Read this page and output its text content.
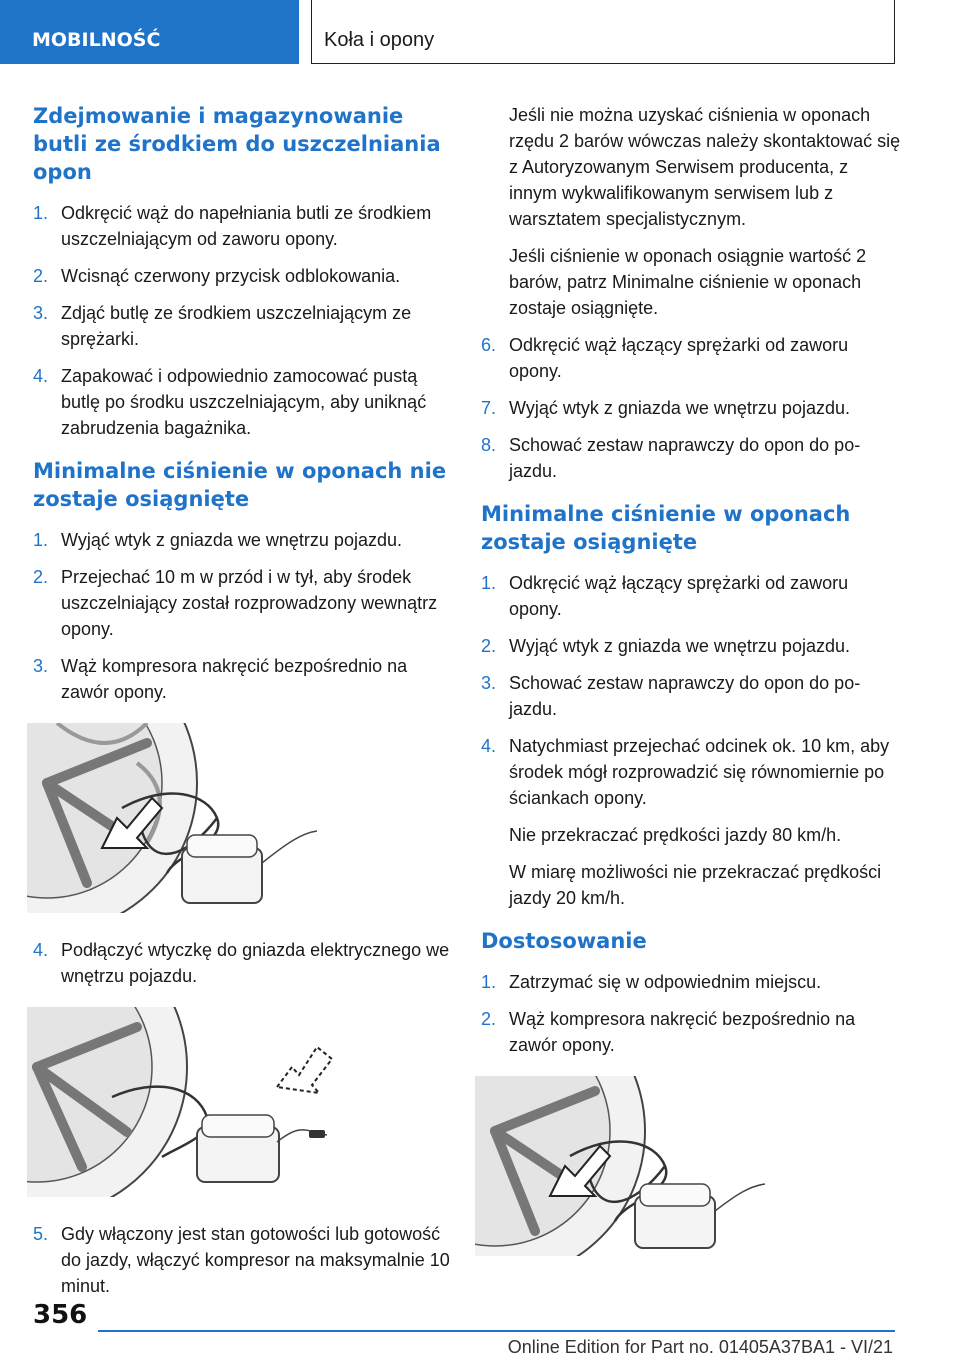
MOBILNOŚĆ	Koła i opony
Zdejmowanie i magazynowanie butli ze środkiem do uszczelniania opon
1. Odkręcić wąż do napełniania butli ze środkiem uszczelniającym od zaworu opony.
2. Wcisnąć czerwony przycisk odblokowania.
3. Zdjąć butlę ze środkiem uszczelniającym ze sprężarki.
4. Zapakować i odpowiednio zamocować pustą butlę po środku uszczelniającym, aby uniknąć zabrudzenia bagażnika.
Minimalne ciśnienie w oponach nie zostaje osiągnięte
1. Wyjąć wtyk z gniazda we wnętrzu pojazdu.
2. Przejechać 10 m w przód i w tył, aby środek uszczelniający został rozprowadzony wewnątrz opony.
3. Wąż kompresora nakręcić bezpośrednio na zawór opony.
4. Podłączyć wtyczkę do gniazda elektrycznego we wnętrzu pojazdu.
5. Gdy włączony jest stan gotowości lub gotowość do jazdy, włączyć kompresor na maksymalnie 10 minut.
Jeśli nie można uzyskać ciśnienia w oponach rzędu 2 barów wówczas należy skontaktować się z Autoryzowanym Serwisem producenta, z innym wykwalifikowanym serwisem lub z warsztatem specjalistycznym.
Jeśli ciśnienie w oponach osiągnie wartość 2 barów, patrz Minimalne ciśnienie w oponach zostaje osiągnięte.
6. Odkręcić wąż łączący sprężarki od zaworu opony.
7. Wyjąć wtyk z gniazda we wnętrzu pojazdu.
8. Schować zestaw naprawczy do opon do pojazdu.
Minimalne ciśnienie w oponach zostaje osiągnięte
1. Odkręcić wąż łączący sprężarki od zaworu opony.
2. Wyjąć wtyk z gniazda we wnętrzu pojazdu.
3. Schować zestaw naprawczy do opon do pojazdu.
4. Natychmiast przejechać odcinek ok. 10 km, aby środek mógł rozprowadzić się równomiernie po ściankach opony.
Nie przekraczać prędkości jazdy 80 km/h.
W miarę możliwości nie przekraczać prędkości jazdy 20 km/h.
Dostosowanie
1. Zatrzymać się w odpowiednim miejscu.
2. Wąż kompresora nakręcić bezpośrednio na zawór opony.
356
Online Edition for Part no. 01405A37BA1 - VI/21
